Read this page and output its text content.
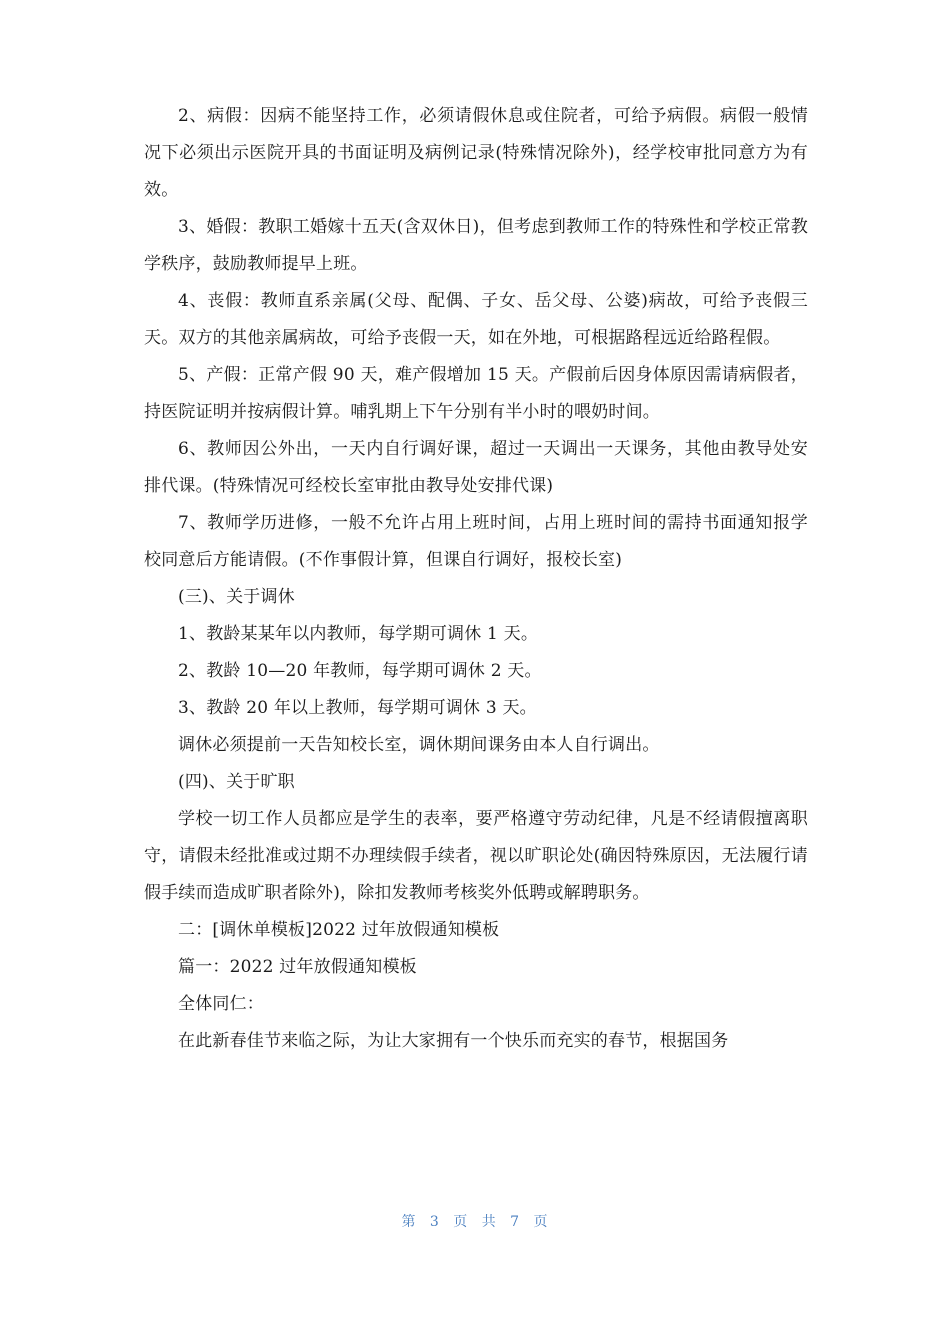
2、病假：因病不能坚持工作，必须请假休息或住院者，可给予病假。病假一般情况下必须出示医院开具的书面证明及病例记录(特殊情况除外)，经学校审批同意方为有效。

3、婚假：教职工婚嫁十五天(含双休日)，但考虑到教师工作的特殊性和学校正常教学秩序，鼓励教师提早上班。

4、丧假：教师直系亲属(父母、配偶、子女、岳父母、公婆)病故，可给予丧假三天。双方的其他亲属病故，可给予丧假一天，如在外地，可根据路程远近给路程假。

5、产假：正常产假 90 天，难产假增加 15 天。产假前后因身体原因需请病假者，持医院证明并按病假计算。哺乳期上下午分别有半小时的喂奶时间。

6、教师因公外出，一天内自行调好课，超过一天调出一天课务，其他由教导处安排代课。(特殊情况可经校长室审批由教导处安排代课)

7、教师学历进修，一般不允许占用上班时间，占用上班时间的需持书面通知报学校同意后方能请假。(不作事假计算，但课自行调好，报校长室)

(三)、关于调休

1、教龄某某年以内教师，每学期可调休 1 天。

2、教龄 10—20 年教师，每学期可调休 2 天。

3、教龄 20 年以上教师，每学期可调休 3 天。

调休必须提前一天告知校长室，调休期间课务由本人自行调出。

(四)、关于旷职

学校一切工作人员都应是学生的表率，要严格遵守劳动纪律，凡是不经请假擅离职守，请假未经批准或过期不办理续假手续者，视以旷职论处(确因特殊原因，无法履行请假手续而造成旷职者除外)，除扣发教师考核奖外低聘或解聘职务。

二：[调休单模板]2022 过年放假通知模板

篇一：2022 过年放假通知模板

全体同仁：

在此新春佳节来临之际，为让大家拥有一个快乐而充实的春节，根据国务

第 3 页 共 7 页
